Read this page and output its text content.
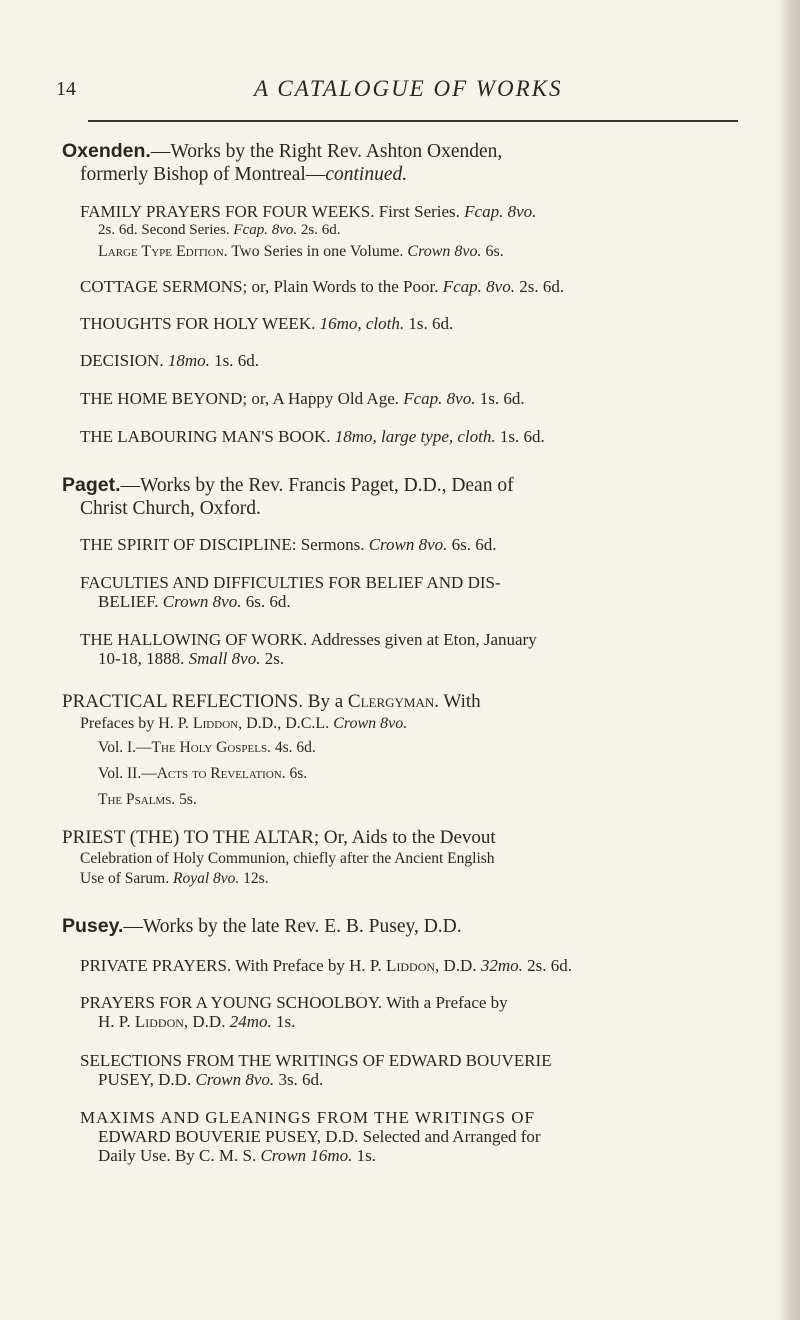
14	A CATALOGUE OF WORKS
Oxenden.—Works by the Right Rev. Ashton Oxenden,
formerly Bishop of Montreal—continued.
FAMILY PRAYERS FOR FOUR WEEKS. First Series. Fcap. 8vo.
2s. 6d. Second Series. Fcap. 8vo. 2s. 6d.
Large Type Edition. Two Series in one Volume. Crown 8vo. 6s.
COTTAGE SERMONS; or, Plain Words to the Poor. Fcap. 8vo. 2s. 6d.
THOUGHTS FOR HOLY WEEK. 16mo, cloth. 1s. 6d.
DECISION. 18mo. 1s. 6d.
THE HOME BEYOND; or, A Happy Old Age. Fcap. 8vo. 1s. 6d.
THE LABOURING MAN'S BOOK. 18mo, large type, cloth. 1s. 6d.
Paget.—Works by the Rev. Francis Paget, D.D., Dean of
Christ Church, Oxford.
THE SPIRIT OF DISCIPLINE: Sermons. Crown 8vo. 6s. 6d.
FACULTIES AND DIFFICULTIES FOR BELIEF AND DIS-
BELIEF. Crown 8vo. 6s. 6d.
THE HALLOWING OF WORK. Addresses given at Eton, January
10-18, 1888. Small 8vo. 2s.
PRACTICAL REFLECTIONS. By a Clergyman. With
Prefaces by H. P. Liddon, D.D., D.C.L. Crown 8vo.
Vol. I.—The Holy Gospels. 4s. 6d.
Vol. II.—Acts to Revelation. 6s.
The Psalms. 5s.
PRIEST (THE) TO THE ALTAR; Or, Aids to the Devout
Celebration of Holy Communion, chiefly after the Ancient English
Use of Sarum. Royal 8vo. 12s.
Pusey.—Works by the late Rev. E. B. Pusey, D.D.
PRIVATE PRAYERS. With Preface by H. P. Liddon, D.D. 32mo. 2s. 6d.
PRAYERS FOR A YOUNG SCHOOLBOY. With a Preface by
H. P. Liddon, D.D. 24mo. 1s.
SELECTIONS FROM THE WRITINGS OF EDWARD BOUVERIE
PUSEY, D.D. Crown 8vo. 3s. 6d.
MAXIMS AND GLEANINGS FROM THE WRITINGS OF
EDWARD BOUVERIE PUSEY, D.D. Selected and Arranged for
Daily Use. By C. M. S. Crown 16mo. 1s.
